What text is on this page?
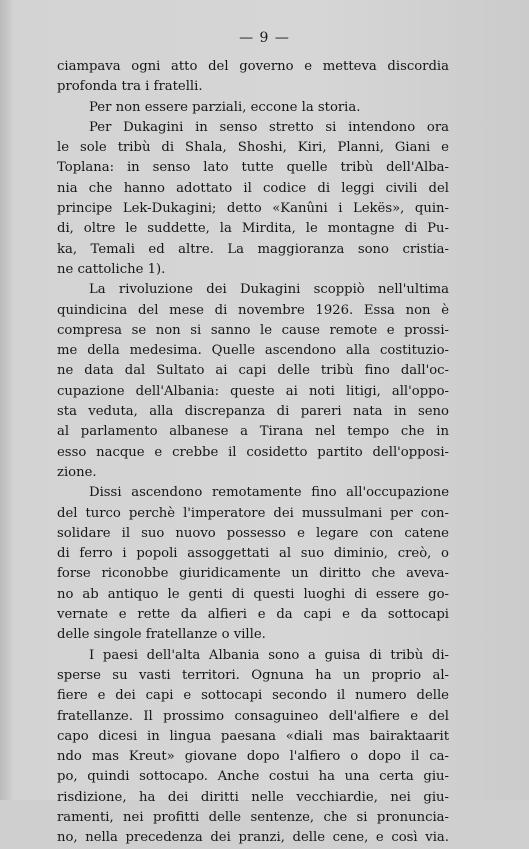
— 9 —
ciampava ogni atto del governo e metteva discordia
profonda tra i fratelli.
Per non essere parziali, eccone la storia.
Per Dukagini in senso stretto si intendono ora
le sole tribù di Shala, Shoshi, Kiri, Planni, Giani e
Toplana: in senso lato tutte quelle tribù dell'Alba-
nia che hanno adottato il codice di leggi civili del
principe Lek-Dukagini; detto «Kanûni i Lekës», quin-
di, oltre le suddette, la Mirdita, le montagne di Pu-
ka, Temali ed altre. La maggioranza sono cristia-
ne cattoliche 1).
La rivoluzione dei Dukagini scoppiò nell'ultima
quindicina del mese di novembre 1926. Essa non è
compresa se non si sanno le cause remote e prossi-
me della medesima. Quelle ascendono alla costituzio-
ne data dal Sultato ai capi delle tribù fino dall'oc-
cupazione dell'Albania: queste ai noti litigi, all'oppo-
sta veduta, alla discrepanza di pareri nata in seno
al parlamento albanese a Tirana nel tempo che in
esso nacque e crebbe il cosidetto partito dell'opposi-
zione.
Dissi ascendono remotamente fino all'occupazione
del turco perchè l'imperatore dei mussulmani per con-
solidare il suo nuovo possesso e legare con catene
di ferro i popoli assoggettati al suo diminio, creò, o
forse riconobbe giuridicamente un diritto che aveva-
no ab antiquo le genti di questi luoghi di essere go-
vernate e rette da alfieri e da capi e da sottocapi
delle singole fratellanze o ville.
I paesi dell'alta Albania sono a guisa di tribù di-
sperse su vasti territori. Ognuna ha un proprio al-
fiere e dei capi e sottocapi secondo il numero delle
fratellanze. Il prossimo consaguineo dell'alfiere e del
capo dicesi in lingua paesana «diali mas bairaktaarit
ndo mas Kreut» giovane dopo l'alfiero o dopo il ca-
po, quindi sottocapo. Anche costui ha una certa giu-
risdizione, ha dei diritti nelle vecchiardie, nei giu-
ramenti, nei profitti delle sentenze, che si pronuncia-
no, nella precedenza dei pranzi, delle cene, e così via.
